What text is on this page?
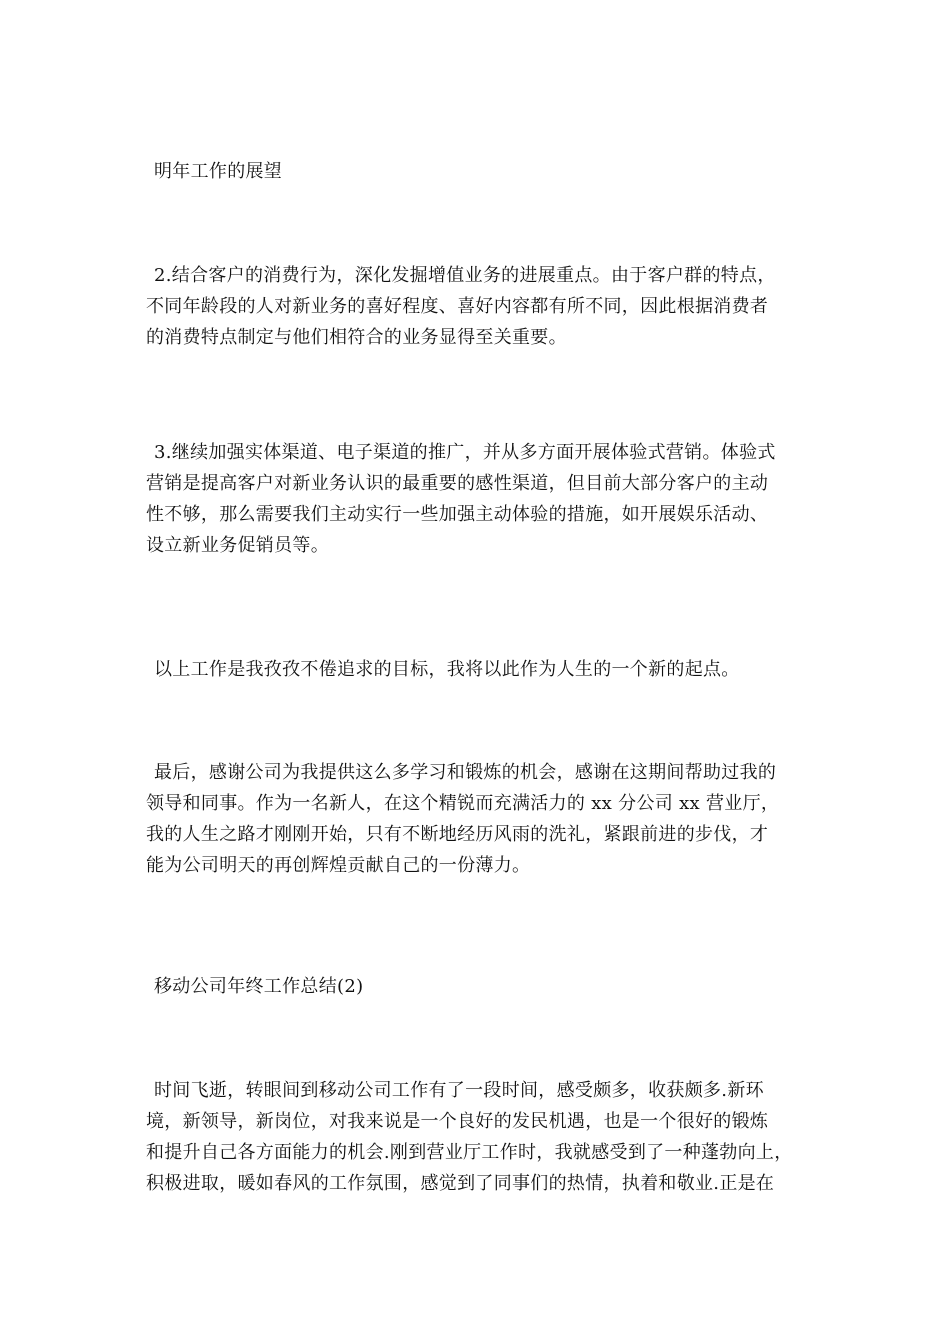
明年工作的展望
2.结合客户的消费行为，深化发掘增值业务的进展重点。由于客户群的特点，
不同年龄段的人对新业务的喜好程度、喜好内容都有所不同，因此根据消费者
的消费特点制定与他们相符合的业务显得至关重要。
3.继续加强实体渠道、电子渠道的推广，并从多方面开展体验式营销。体验式
营销是提高客户对新业务认识的最重要的感性渠道，但目前大部分客户的主动
性不够，那么需要我们主动实行一些加强主动体验的措施，如开展娱乐活动、
设立新业务促销员等。
以上工作是我孜孜不倦追求的目标，我将以此作为人生的一个新的起点。
最后，感谢公司为我提供这么多学习和锻炼的机会，感谢在这期间帮助过我的
领导和同事。作为一名新人，在这个精锐而充满活力的 xx 分公司 xx 营业厅，
我的人生之路才刚刚开始，只有不断地经历风雨的洗礼，紧跟前进的步伐，才
能为公司明天的再创辉煌贡献自己的一份薄力。
移动公司年终工作总结(2)
时间飞逝，转眼间到移动公司工作有了一段时间，感受颇多，收获颇多.新环
境，新领导，新岗位，对我来说是一个良好的发民机遇，也是一个很好的锻炼
和提升自己各方面能力的机会.刚到营业厅工作时，我就感受到了一种蓬勃向上，
积极进取，暖如春风的工作氛围，感觉到了同事们的热情，执着和敬业.正是在
